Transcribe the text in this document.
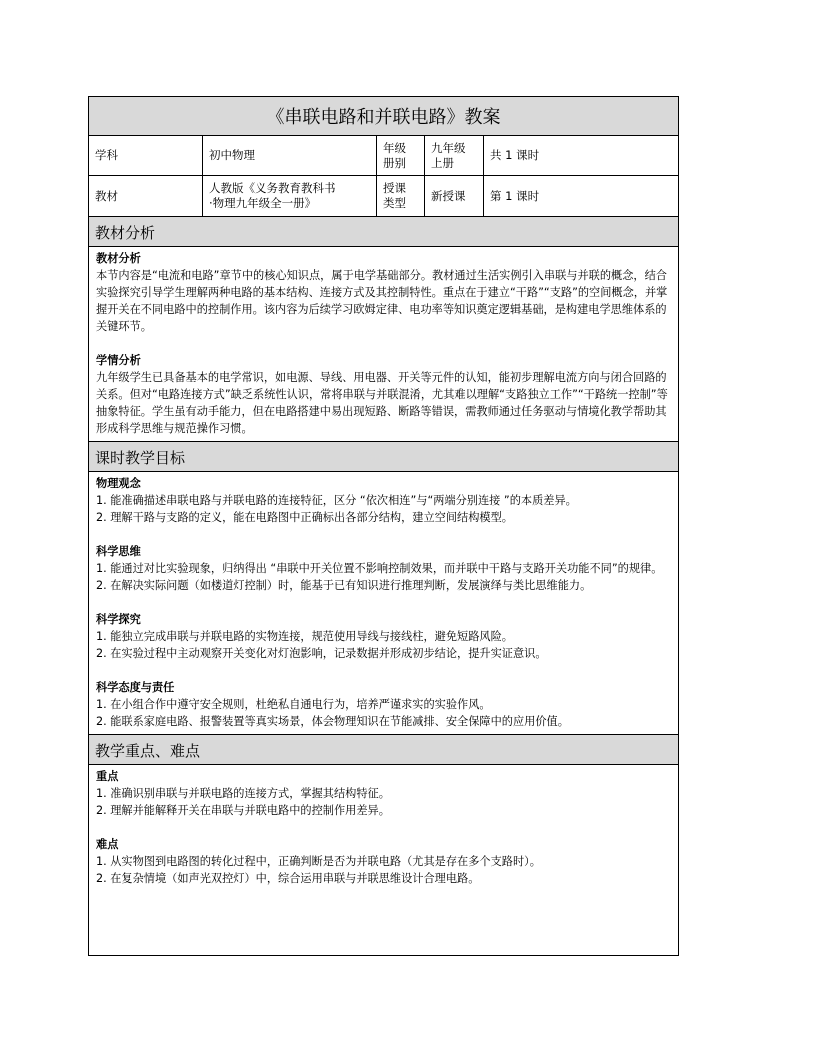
《串联电路和并联电路》教案
学科	初中物理
年级
册别
九年级
上册
共 1 课时
教材
人教版《义务教育教科书
·物理九年级全一册》
授课
类型
新授课	第 1 课时
教材分析

教材分析

本节内容是“电流和电路”章节中的核心知识点，属于电学基础部分。教材通过生活实例引入串联与并联的概念，结合实验探究引导学生理解两种电路的基本结构、连接方式及其控制特性。重点在于建立“干路”“支路”的空间概念，并掌握开关在不同电路中的控制作用。该内容为后续学习欧姆定律、电功率等知识奠定逻辑基础，是构建电学思维体系的关键环节。

学情分析

九年级学生已具备基本的电学常识，如电源、导线、用电器、开关等元件的认知，能初步理解电流方向与闭合回路的关系。但对“电路连接方式”缺乏系统性认识，常将串联与并联混淆，尤其难以理解“支路独立工作”“干路统一控制”等抽象特征。学生虽有动手能力，但在电路搭建中易出现短路、断路等错误，需教师通过任务驱动与情境化教学帮助其形成科学思维与规范操作习惯。

课时教学目标

物理观念

1. 能准确描述串联电路与并联电路的连接特征，区分 “依次相连”与“两端分别连接 ”的本质差异。

2. 理解干路与支路的定义，能在电路图中正确标出各部分结构，建立空间结构模型。

科学思维

1. 能通过对比实验现象，归纳得出 “串联中开关位置不影响控制效果，而并联中干路与支路开关功能不同”的规律。

2. 在解决实际问题（如楼道灯控制）时，能基于已有知识进行推理判断，发展演绎与类比思维能力。

科学探究

1. 能独立完成串联与并联电路的实物连接，规范使用导线与接线柱，避免短路风险。

2. 在实验过程中主动观察开关变化对灯泡影响，记录数据并形成初步结论，提升实证意识。

科学态度与责任

1. 在小组合作中遵守安全规则，杜绝私自通电行为，培养严谨求实的实验作风。

2. 能联系家庭电路、报警装置等真实场景，体会物理知识在节能减排、安全保障中的应用价值。

教学重点、难点

重点

1. 准确识别串联与并联电路的连接方式，掌握其结构特征。

2. 理解并能解释开关在串联与并联电路中的控制作用差异。

难点

1. 从实物图到电路图的转化过程中，正确判断是否为并联电路（尤其是存在多个支路时）。

2. 在复杂情境（如声光双控灯）中，综合运用串联与并联思维设计合理电路。
